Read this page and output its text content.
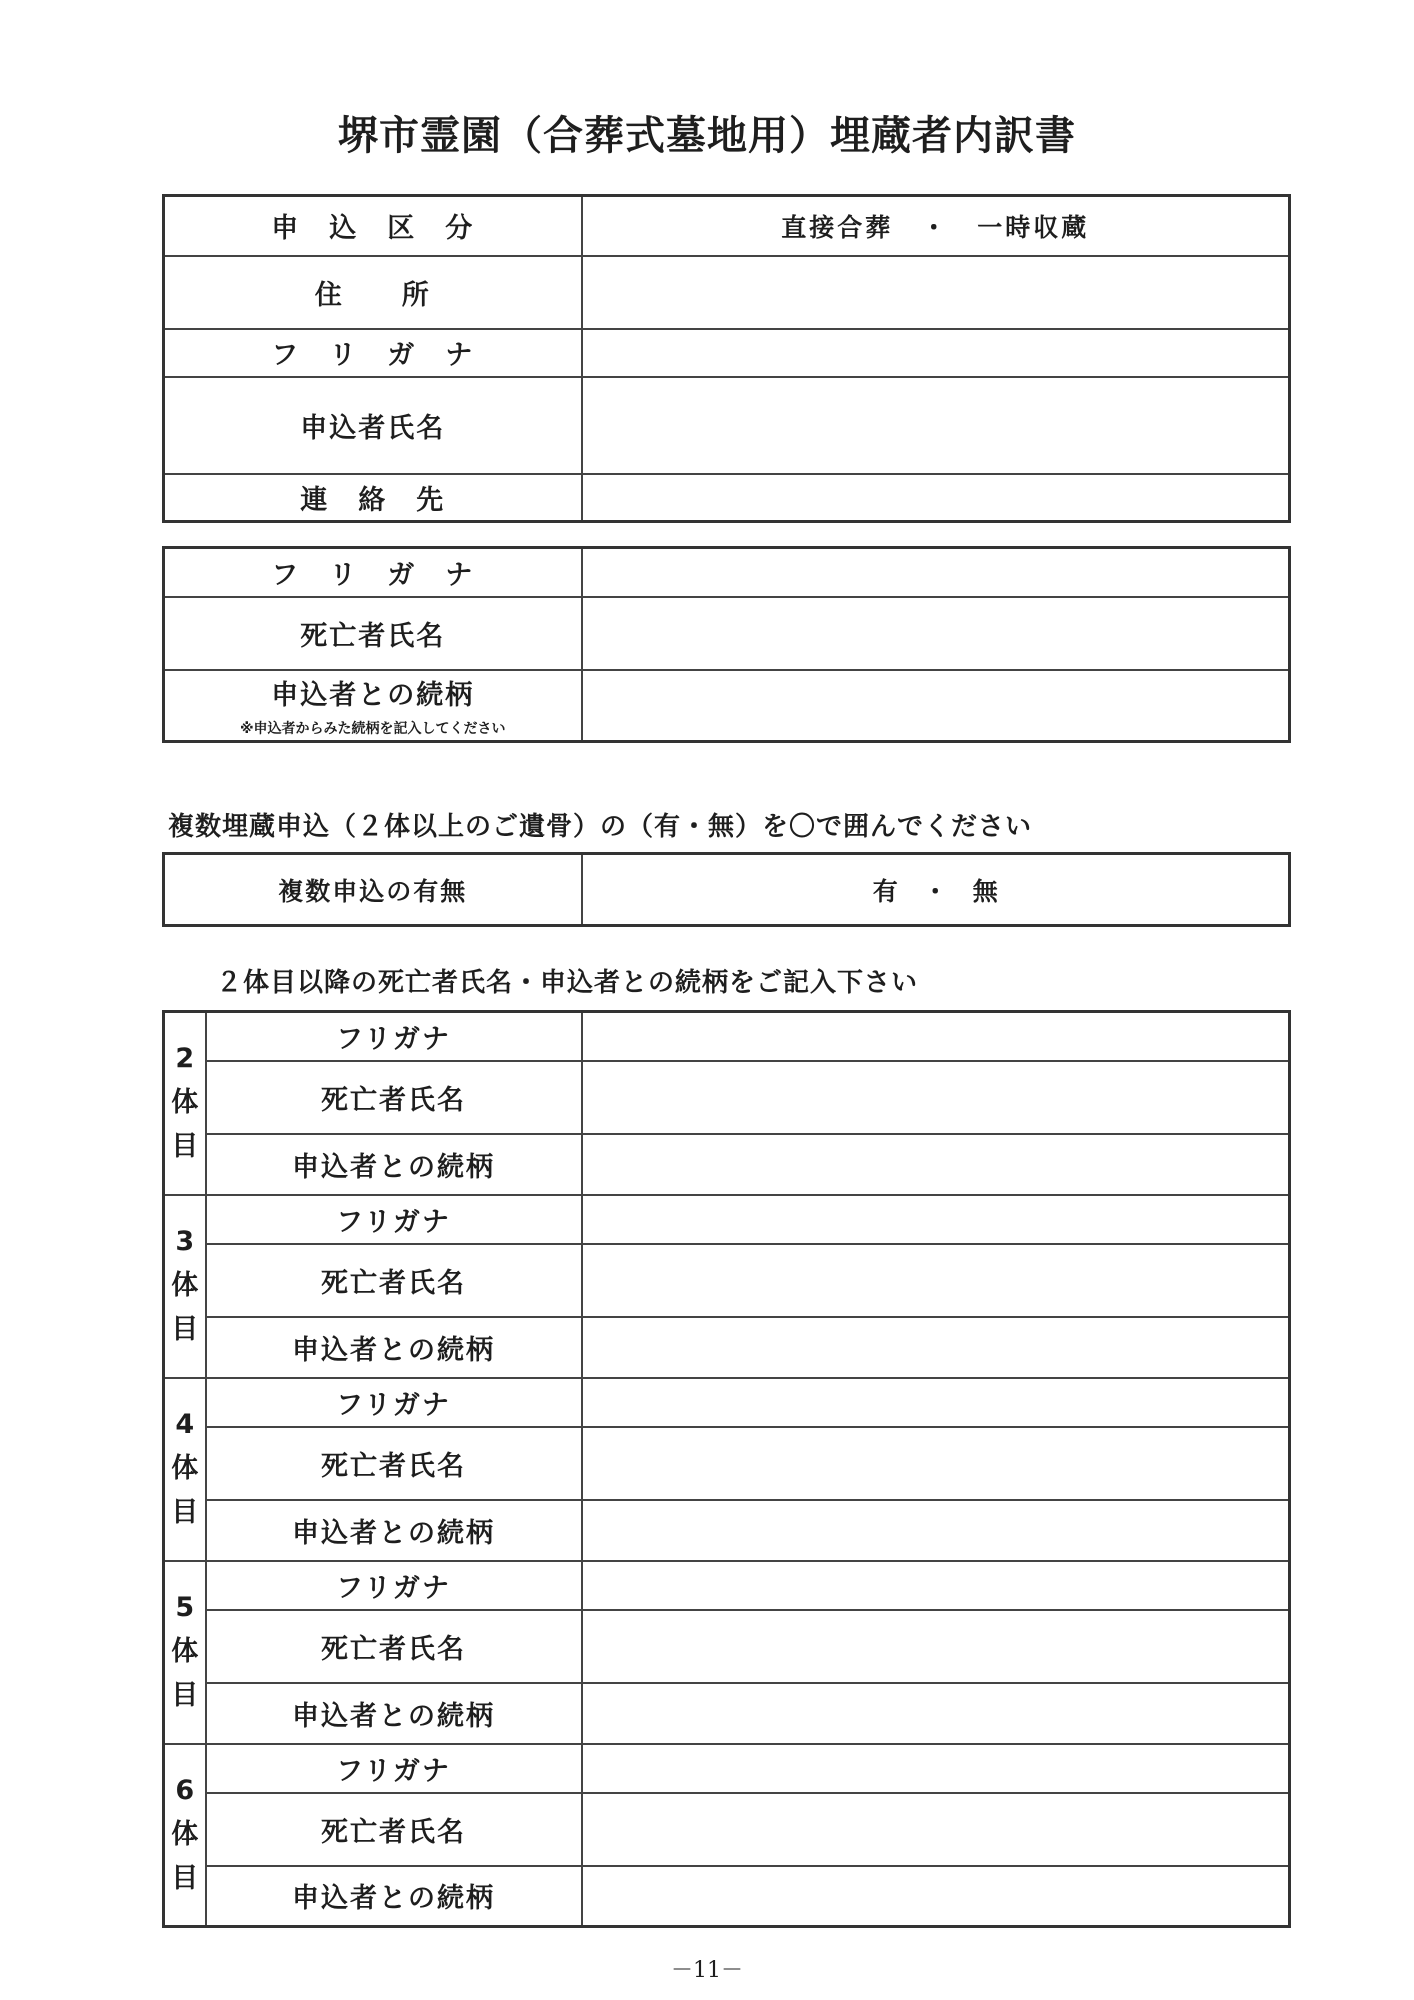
堺市霊園（合葬式墓地用）埋蔵者内訳書
申　込　区　分	直接合葬　・　一時収蔵
住　　所	
フ　リ　ガ　ナ	
申込者氏名	
連　絡　先	
フ　リ　ガ　ナ	
死亡者氏名	
申込者との続柄
※申込者からみた続柄を記入してください	

複数埋蔵申込（２体以上のご遺骨）の（有・無）を〇で囲んでください
複数申込の有無	有　・　無
２体目以降の死亡者氏名・申込者との続柄をご記入下さい
2
体
目	フリガナ	
	死亡者氏名	
	申込者との続柄	
3
体
目	フリガナ	
	死亡者氏名	
	申込者との続柄	
4
体
目	フリガナ	
	死亡者氏名	
	申込者との続柄	
5
体
目	フリガナ	
	死亡者氏名	
	申込者との続柄	
6
体
目	フリガナ	
	死亡者氏名	
	申込者との続柄	
－11－
